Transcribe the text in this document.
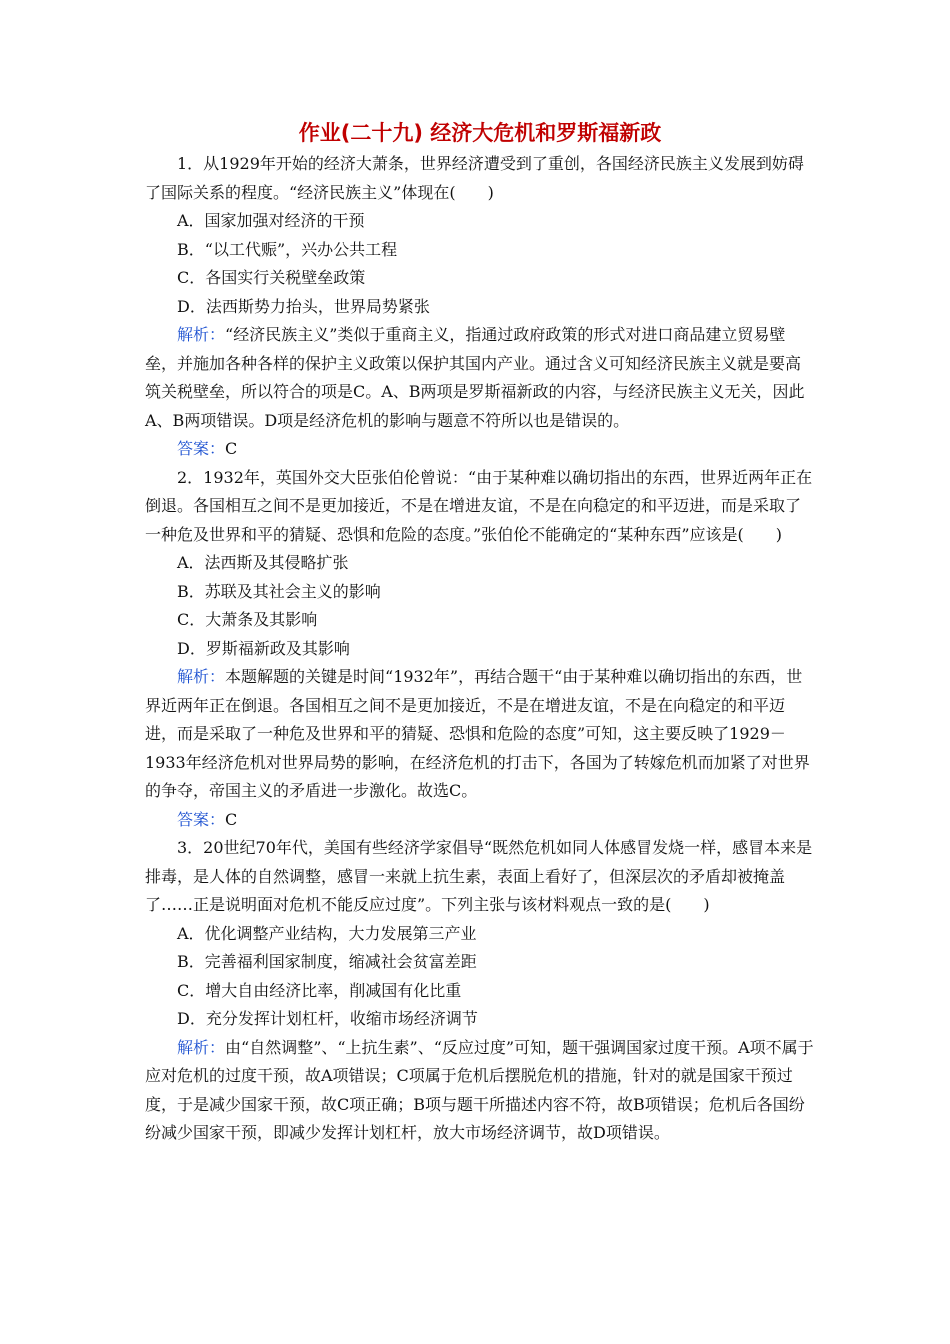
作业(二十九) 经济大危机和罗斯福新政

1．从1929年开始的经济大萧条，世界经济遭受到了重创，各国经济民族主义发展到妨碍了国际关系的程度。“经济民族主义”体现在(　　)

A．国家加强对经济的干预

B．“以工代赈”，兴办公共工程

C．各国实行关税壁垒政策

D．法西斯势力抬头，世界局势紧张

解析：“经济民族主义”类似于重商主义，指通过政府政策的形式对进口商品建立贸易壁垒，并施加各种各样的保护主义政策以保护其国内产业。通过含义可知经济民族主义就是要高筑关税壁垒，所以符合的项是C。A、B两项是罗斯福新政的内容，与经济民族主义无关，因此A、B两项错误。D项是经济危机的影响与题意不符所以也是错误的。

答案：C

2．1932年，英国外交大臣张伯伦曾说：“由于某种难以确切指出的东西，世界近两年正在倒退。各国相互之间不是更加接近，不是在增进友谊，不是在向稳定的和平迈进，而是采取了一种危及世界和平的猜疑、恐惧和危险的态度。”张伯伦不能确定的“某种东西”应该是(　　)

A．法西斯及其侵略扩张

B．苏联及其社会主义的影响

C．大萧条及其影响

D．罗斯福新政及其影响

解析：本题解题的关键是时间“1932年”，再结合题干“由于某种难以确切指出的东西，世界近两年正在倒退。各国相互之间不是更加接近，不是在增进友谊，不是在向稳定的和平迈进，而是采取了一种危及世界和平的猜疑、恐惧和危险的态度”可知，这主要反映了1929－1933年经济危机对世界局势的影响，在经济危机的打击下，各国为了转嫁危机而加紧了对世界的争夺，帝国主义的矛盾进一步激化。故选C。

答案：C

3．20世纪70年代，美国有些经济学家倡导“既然危机如同人体感冒发烧一样，感冒本来是排毒，是人体的自然调整，感冒一来就上抗生素，表面上看好了，但深层次的矛盾却被掩盖了……正是说明面对危机不能反应过度”。下列主张与该材料观点一致的是(　　)

A．优化调整产业结构，大力发展第三产业

B．完善福利国家制度，缩减社会贫富差距

C．增大自由经济比率，削减国有化比重

D．充分发挥计划杠杆，收缩市场经济调节

解析：由“自然调整”、“上抗生素”、“反应过度”可知，题干强调国家过度干预。A项不属于应对危机的过度干预，故A项错误；C项属于危机后摆脱危机的措施，针对的就是国家干预过度，于是减少国家干预，故C项正确；B项与题干所描述内容不符，故B项错误；危机后各国纷纷减少国家干预，即减少发挥计划杠杆，放大市场经济调节，故D项错误。
